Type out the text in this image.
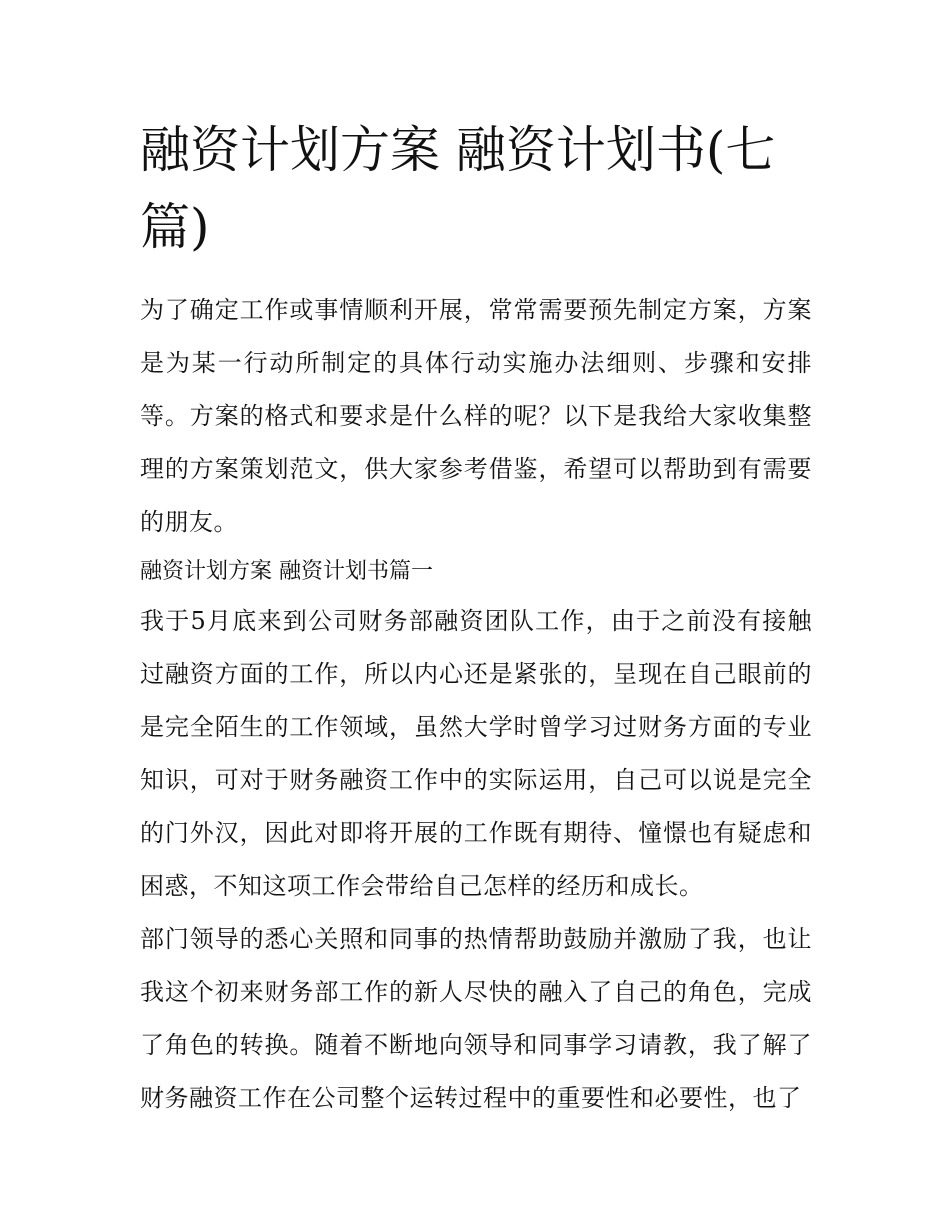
融资计划方案 融资计划书(七篇)

为了确定工作或事情顺利开展，常常需要预先制定方案，方案是为某一行动所制定的具体行动实施办法细则、步骤和安排等。方案的格式和要求是什么样的呢？以下是我给大家收集整理的方案策划范文，供大家参考借鉴，希望可以帮助到有需要的朋友。

融资计划方案 融资计划书篇一

我于5月底来到公司财务部融资团队工作，由于之前没有接触过融资方面的工作，所以内心还是紧张的，呈现在自己眼前的是完全陌生的工作领域，虽然大学时曾学习过财务方面的专业知识，可对于财务融资工作中的实际运用，自己可以说是完全的门外汉，因此对即将开展的工作既有期待、憧憬也有疑虑和困惑，不知这项工作会带给自己怎样的经历和成长。

部门领导的悉心关照和同事的热情帮助鼓励并激励了我，也让我这个初来财务部工作的新人尽快的融入了自己的角色，完成了角色的转换。随着不断地向领导和同事学习请教，我了解了财务融资工作在公司整个运转过程中的重要性和必要性，也了
